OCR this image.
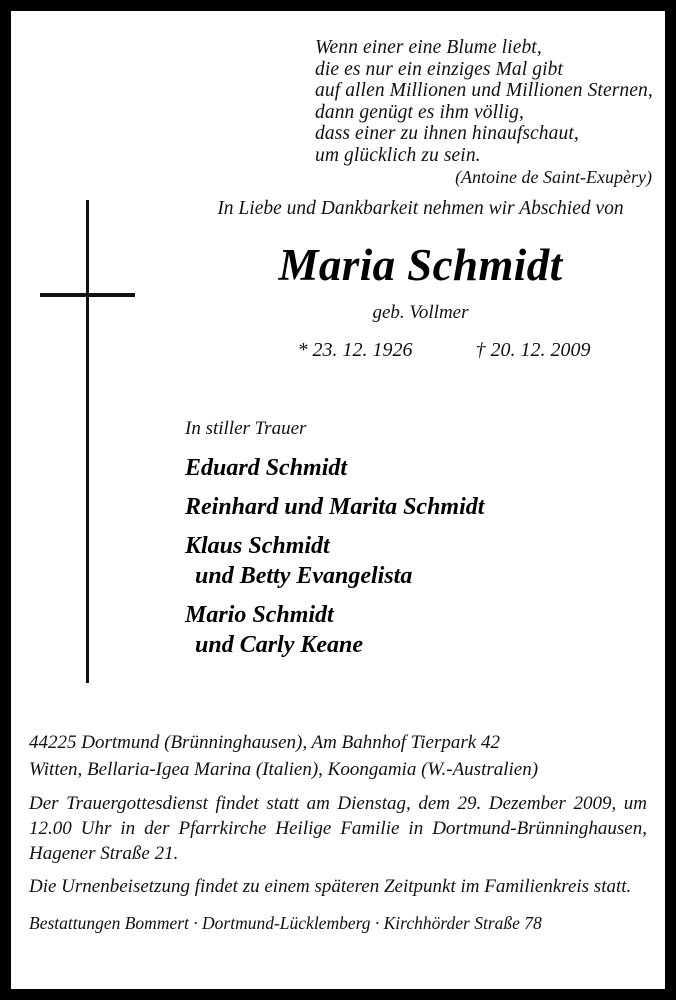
Wenn einer eine Blume liebt,
die es nur ein einziges Mal gibt
auf allen Millionen und Millionen Sternen,
dann genügt es ihm völlig,
dass einer zu ihnen hinaufschaut,
um glücklich zu sein.
(Antoine de Saint-Exupèry)
In Liebe und Dankbarkeit nehmen wir Abschied von
Maria Schmidt
geb. Vollmer
* 23. 12. 1926	† 20. 12. 2009
In stiller Trauer
Eduard Schmidt
Reinhard und Marita Schmidt
Klaus Schmidt
und Betty Evangelista
Mario Schmidt
und Carly Keane
44225 Dortmund (Brünninghausen), Am Bahnhof Tierpark 42
Witten, Bellaria-Igea Marina (Italien), Koongamia (W.-Australien)
Der Trauergottesdienst findet statt am Dienstag, dem 29. Dezember 2009, um 12.00 Uhr in der Pfarrkirche Heilige Familie in Dortmund-Brünninghausen, Hagener Straße 21.
Die Urnenbeisetzung findet zu einem späteren Zeitpunkt im Familienkreis statt.
Bestattungen Bommert · Dortmund-Lücklemberg · Kirchhörder Straße 78
